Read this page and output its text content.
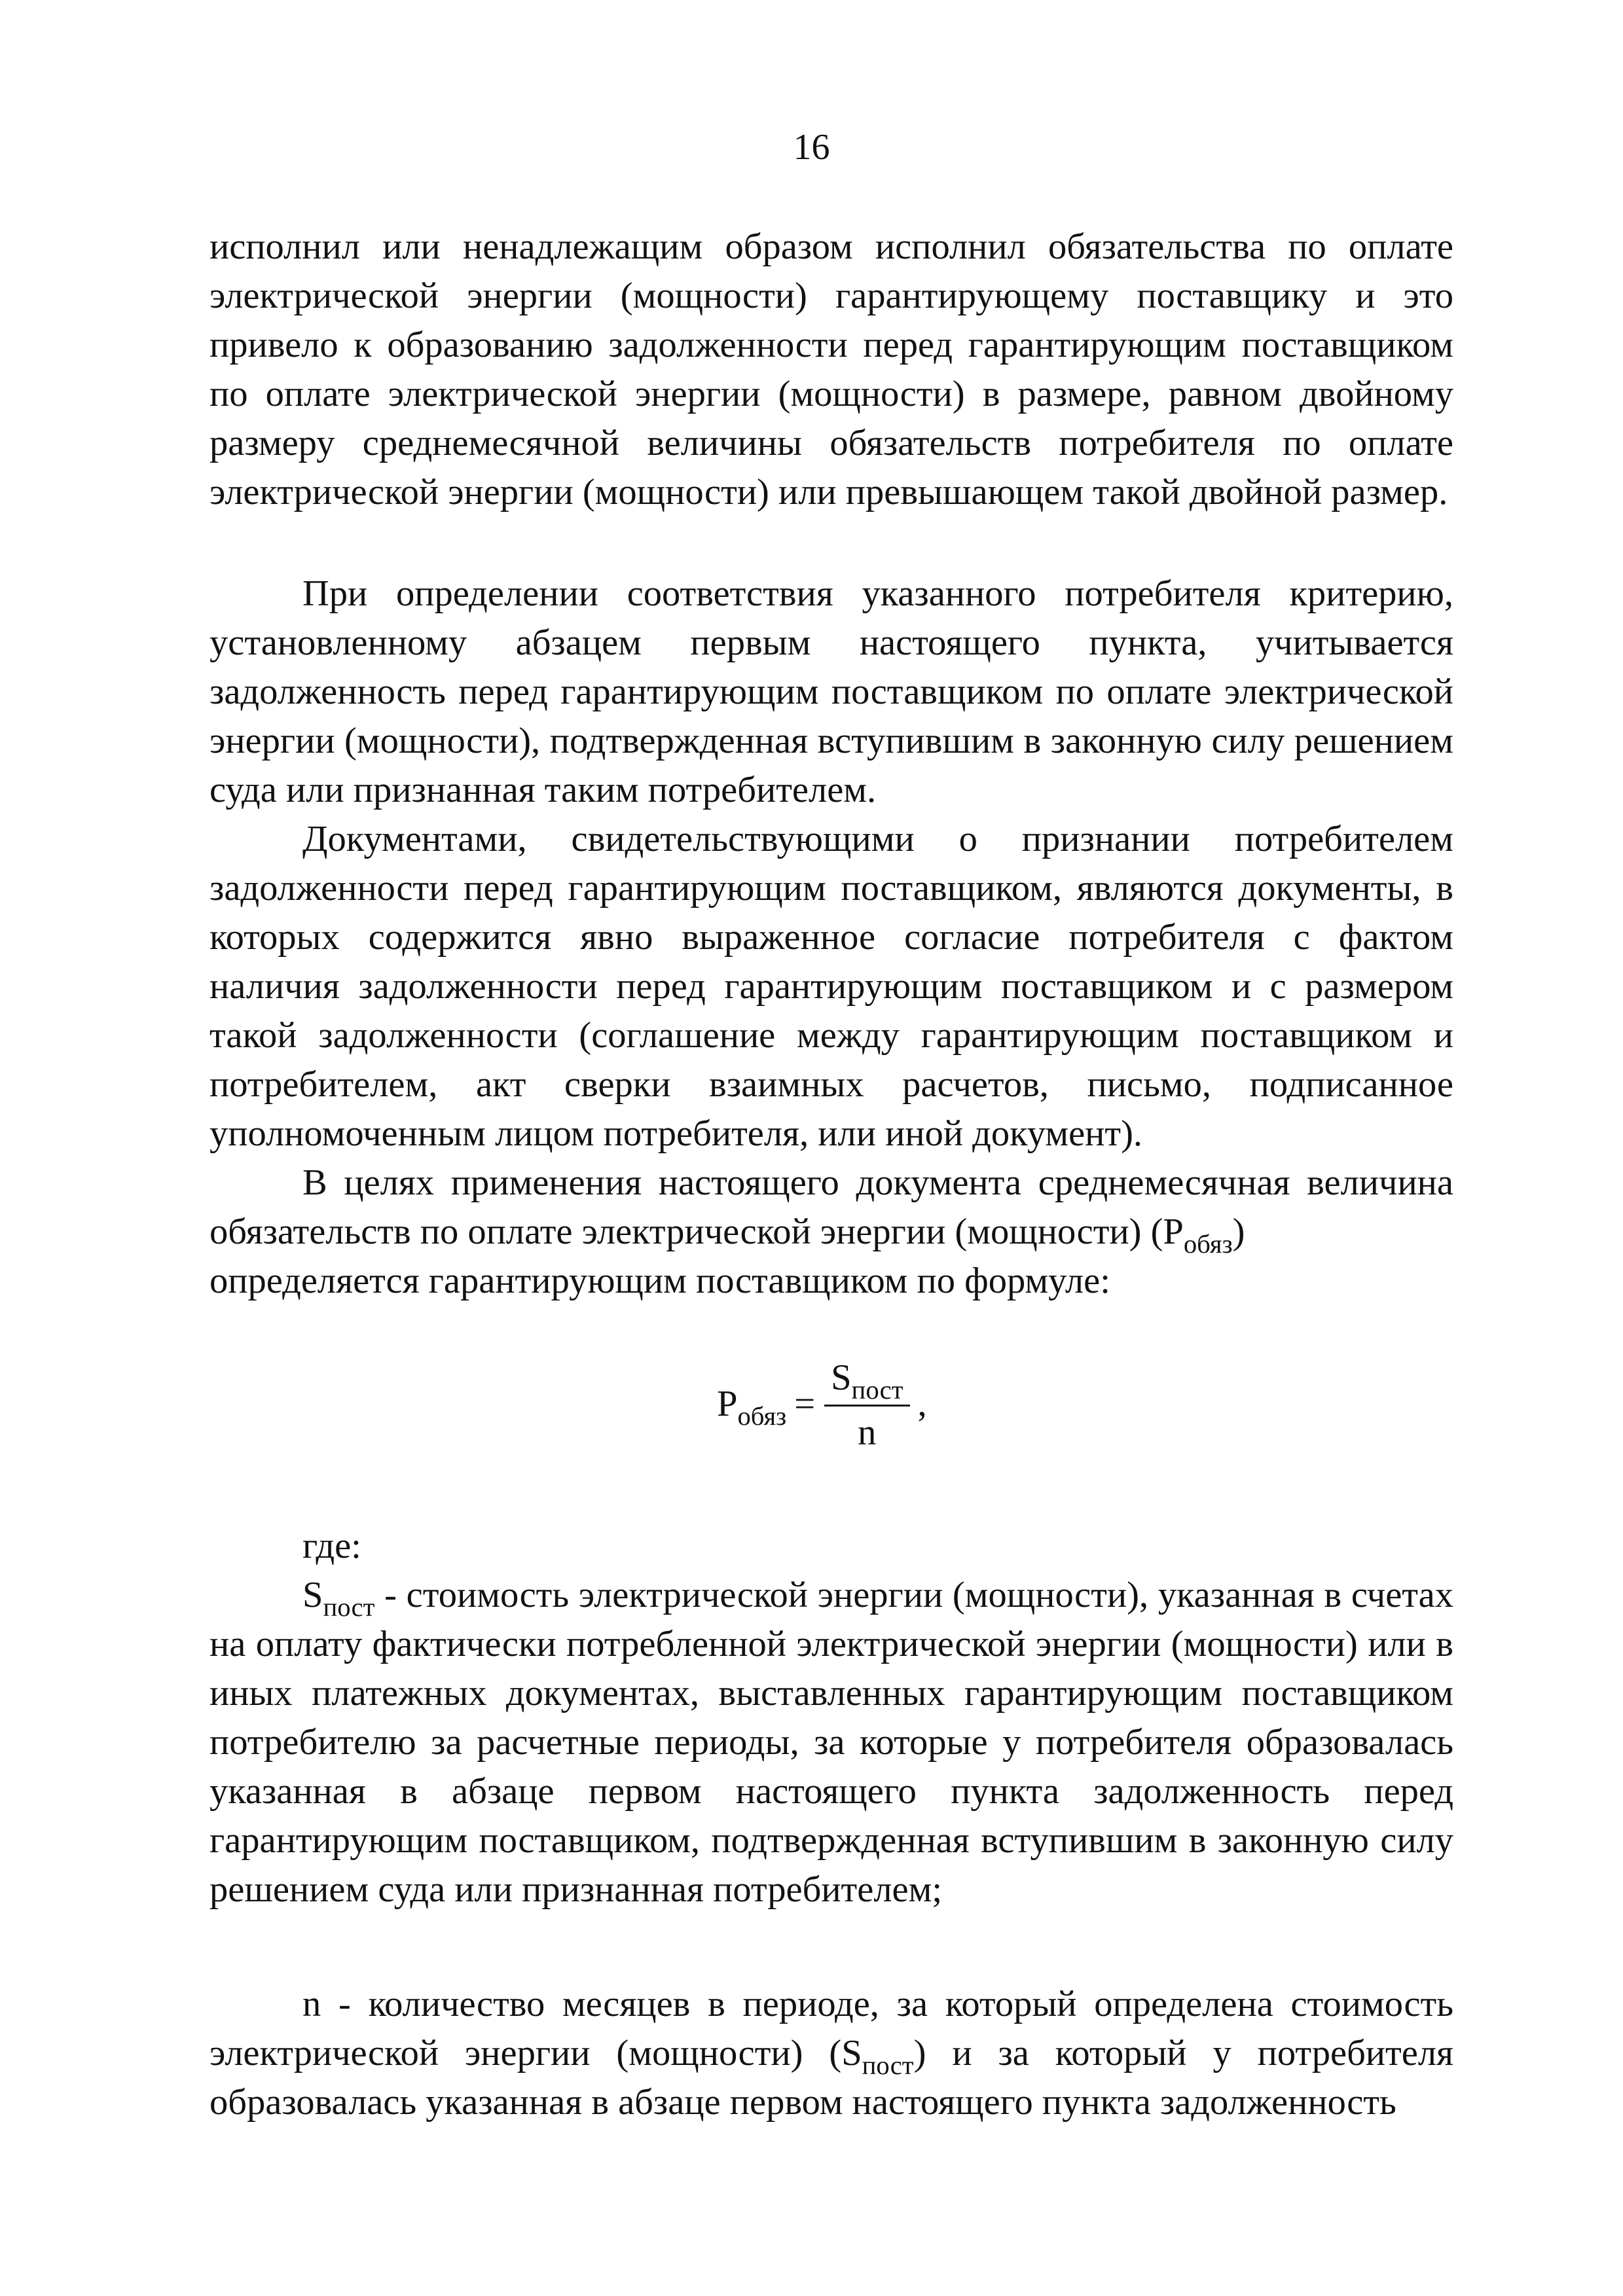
16

исполнил или ненадлежащим образом исполнил обязательства по оплате электрической энергии (мощности) гарантирующему поставщику и это привело к образованию задолженности перед гарантирующим поставщиком по оплате электрической энергии (мощности) в размере, равном двойному размеру среднемесячной величины обязательств потребителя по оплате электрической энергии (мощности) или превышающем такой двойной размер.

При определении соответствия указанного потребителя критерию, установленному абзацем первым настоящего пункта, учитывается задолженность перед гарантирующим поставщиком по оплате электрической энергии (мощности), подтвержденная вступившим в законную силу решением суда или признанная таким потребителем.

Документами, свидетельствующими о признании потребителем задолженности перед гарантирующим поставщиком, являются документы, в которых содержится явно выраженное согласие потребителя с фактом наличия задолженности перед гарантирующим поставщиком и с размером такой задолженности (соглашение между гарантирующим поставщиком и потребителем, акт сверки взаимных расчетов, письмо, подписанное уполномоченным лицом потребителя, или иной документ).

В целях применения настоящего документа среднемесячная величина обязательств по оплате электрической энергии (мощности) $(P_{обяз})$

определяется гарантирующим поставщиком по формуле:

$P_{обяз} = \frac{S_{пост}}{n}$ ,
где:

$S_{пост}$ - стоимость электрической энергии (мощности), указанная в счетах на оплату фактически потребленной электрической энергии (мощности) или в иных платежных документах, выставленных гарантирующим поставщиком потребителю за расчетные периоды, за которые у потребителя образовалась указанная в абзаце первом настоящего пункта задолженность перед гарантирующим поставщиком, подтвержденная вступившим в законную силу решением суда или признанная потребителем;

n - количество месяцев в периоде, за который определена стоимость электрической энергии (мощности) $(S_{пост})$ и за который у потребителя образовалась указанная в абзаце первом настоящего пункта задолженность
